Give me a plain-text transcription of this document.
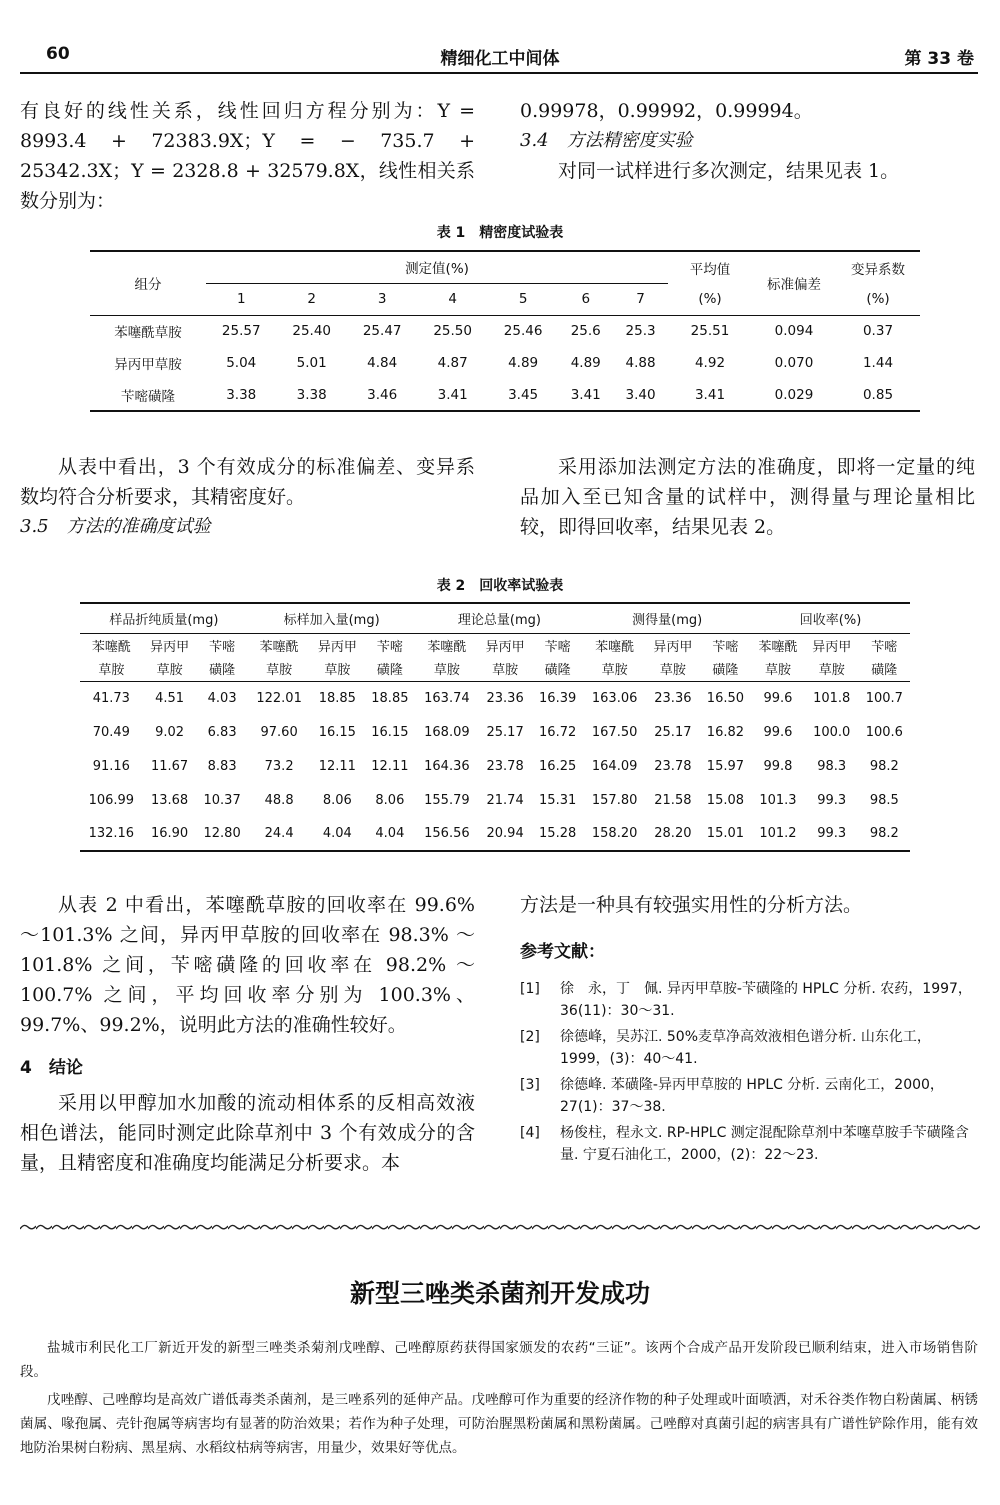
60	精细化工中间体	第 33 卷

有良好的线性关系，线性回归方程分别为：Y = 8993.4 + 72383.9X；Y = − 735.7 + 25342.3X；Y = 2328.8 + 32579.8X，线性相关系数分别为：

0.99978，0.99992，0.99994。

3.4　方法精密度实验

对同一试样进行多次测定，结果见表 1。

表 1　精密度试验表
组分	测定值(%)							平均值	标准偏差	变异系数
	1	2	3	4	5	6	7	(%)		(%)
苯噻酰草胺	25.57	25.40	25.47	25.50	25.46	25.6	25.3	25.51	0.094	0.37
异丙甲草胺	5.04	5.01	4.84	4.87	4.89	4.89	4.88	4.92	0.070	1.44
苄嘧磺隆	3.38	3.38	3.46	3.41	3.45	3.41	3.40	3.41	0.029	0.85

从表中看出，3 个有效成分的标准偏差、变异系数均符合分析要求，其精密度好。

3.5　方法的准确度试验

采用添加法测定方法的准确度，即将一定量的纯品加入至已知含量的试样中，测得量与理论量相比较，即得回收率，结果见表 2。

表 2　回收率试验表
样品折纯质量(mg)			标样加入量(mg)			理论总量(mg)			测得量(mg)			回收率(%)		
苯噻酰	异丙甲	苄嘧	苯噻酰	异丙甲	苄嘧	苯噻酰	异丙甲	苄嘧	苯噻酰	异丙甲	苄嘧	苯噻酰	异丙甲	苄嘧
草胺	草胺	磺隆	草胺	草胺	磺隆	草胺	草胺	磺隆	草胺	草胺	磺隆	草胺	草胺	磺隆
41.73	4.51	4.03	122.01	18.85	18.85	163.74	23.36	16.39	163.06	23.36	16.50	99.6	101.8	100.7
70.49	9.02	6.83	97.60	16.15	16.15	168.09	25.17	16.72	167.50	25.17	16.82	99.6	100.0	100.6
91.16	11.67	8.83	73.2	12.11	12.11	164.36	23.78	16.25	164.09	23.78	15.97	99.8	98.3	98.2
106.99	13.68	10.37	48.8	8.06	8.06	155.79	21.74	15.31	157.80	21.58	15.08	101.3	99.3	98.5
132.16	16.90	12.80	24.4	4.04	4.04	156.56	20.94	15.28	158.20	28.20	15.01	101.2	99.3	98.2

从表 2 中看出，苯噻酰草胺的回收率在 99.6% ～101.3% 之间，异丙甲草胺的回收率在 98.3% ～101.8% 之间，苄嘧磺隆的回收率在 98.2% ～100.7% 之间，平均回收率分别为 100.3%、99.7%、99.2%，说明此方法的准确性较好。

4　结论

采用以甲醇加水加酸的流动相体系的反相高效液相色谱法，能同时测定此除草剂中 3 个有效成分的含量，且精密度和准确度均能满足分析要求。本

方法是一种具有较强实用性的分析方法。

参考文献：

[1] 徐　永，丁　佩. 异丙甲草胺-苄磺隆的 HPLC 分析. 农药，1997，36(11)：30～31.
[2] 徐德峰，吴苏江. 50%麦草净高效液相色谱分析. 山东化工，1999，(3)：40～41.
[3] 徐德峰. 苯磺隆-异丙甲草胺的 HPLC 分析. 云南化工，2000，27(1)：37～38.
[4] 杨俊柱，程永文. RP-HPLC 测定混配除草剂中苯噻草胺手苄磺隆含量. 宁夏石油化工，2000，(2)：22～23.
新型三唑类杀菌剂开发成功

盐城市利民化工厂新近开发的新型三唑类杀菊剂戊唑醇、己唑醇原药获得国家颁发的农药“三证”。该两个合成产品开发阶段已顺利结束，进入市场销售阶段。

戊唑醇、己唑醇均是高效广谱低毒类杀菌剂，是三唑系列的延伸产品。戊唑醇可作为重要的经济作物的种子处理或叶面喷洒，对禾谷类作物白粉菌属、柄锈菌属、喙孢属、壳针孢属等病害均有显著的防治效果；若作为种子处理，可防治腥黑粉菌属和黑粉菌属。己唑醇对真菌引起的病害具有广谱性铲除作用，能有效地防治果树白粉病、黑星病、水稻纹枯病等病害，用量少，效果好等优点。
